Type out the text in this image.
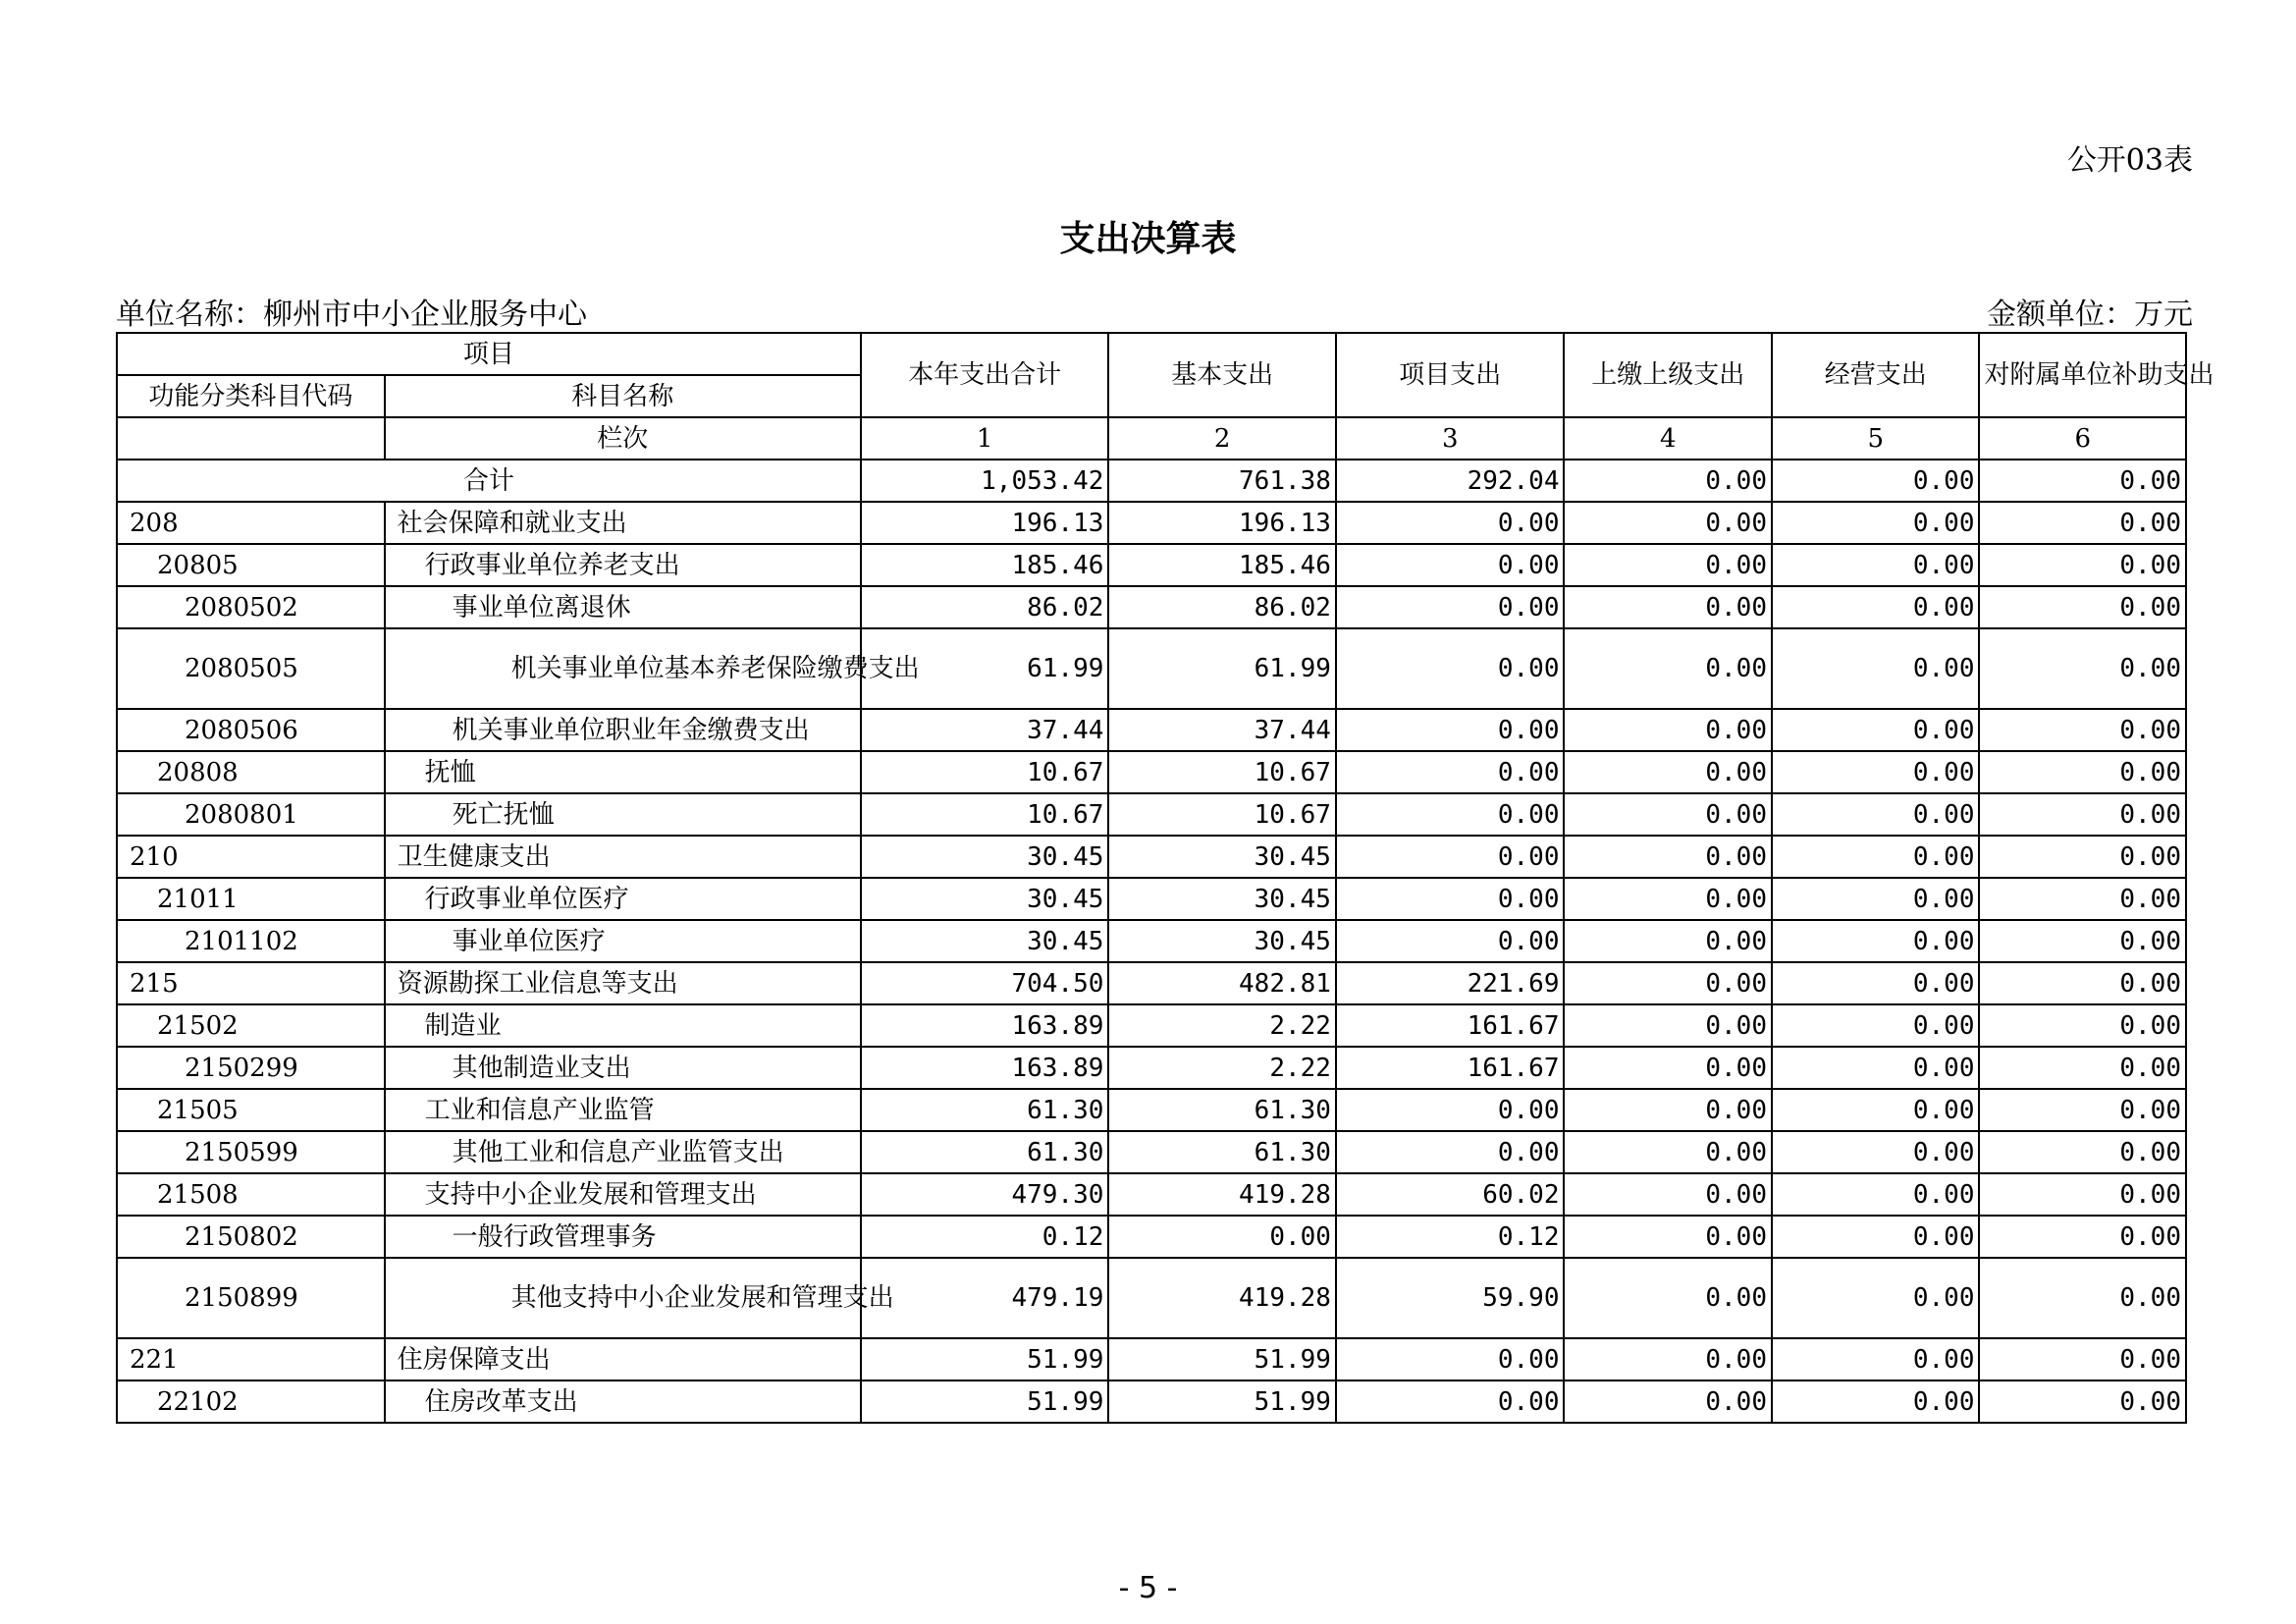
公开03表
支出决算表
单位名称：柳州市中小企业服务中心	金额单位：万元
项目		本年支出合计	基本支出	项目支出	上缴上级支出	经营支出	对附属单位补助支出
功能分类科目代码	科目名称						
	栏次	1	2	3	4	5	6
合计		1,053.42	761.38	292.04	0.00	0.00	0.00
208	社会保障和就业支出	196.13	196.13	0.00	0.00	0.00	0.00
20805	行政事业单位养老支出	185.46	185.46	0.00	0.00	0.00	0.00
2080502	事业单位离退休	86.02	86.02	0.00	0.00	0.00	0.00
2080505	机关事业单位基本养老保险缴费支出	61.99	61.99	0.00	0.00	0.00	0.00
2080506	机关事业单位职业年金缴费支出	37.44	37.44	0.00	0.00	0.00	0.00
20808	抚恤	10.67	10.67	0.00	0.00	0.00	0.00
2080801	死亡抚恤	10.67	10.67	0.00	0.00	0.00	0.00
210	卫生健康支出	30.45	30.45	0.00	0.00	0.00	0.00
21011	行政事业单位医疗	30.45	30.45	0.00	0.00	0.00	0.00
2101102	事业单位医疗	30.45	30.45	0.00	0.00	0.00	0.00
215	资源勘探工业信息等支出	704.50	482.81	221.69	0.00	0.00	0.00
21502	制造业	163.89	2.22	161.67	0.00	0.00	0.00
2150299	其他制造业支出	163.89	2.22	161.67	0.00	0.00	0.00
21505	工业和信息产业监管	61.30	61.30	0.00	0.00	0.00	0.00
2150599	其他工业和信息产业监管支出	61.30	61.30	0.00	0.00	0.00	0.00
21508	支持中小企业发展和管理支出	479.30	419.28	60.02	0.00	0.00	0.00
2150802	一般行政管理事务	0.12	0.00	0.12	0.00	0.00	0.00
2150899	其他支持中小企业发展和管理支出	479.19	419.28	59.90	0.00	0.00	0.00
221	住房保障支出	51.99	51.99	0.00	0.00	0.00	0.00
22102	住房改革支出	51.99	51.99	0.00	0.00	0.00	0.00
- 5 -
